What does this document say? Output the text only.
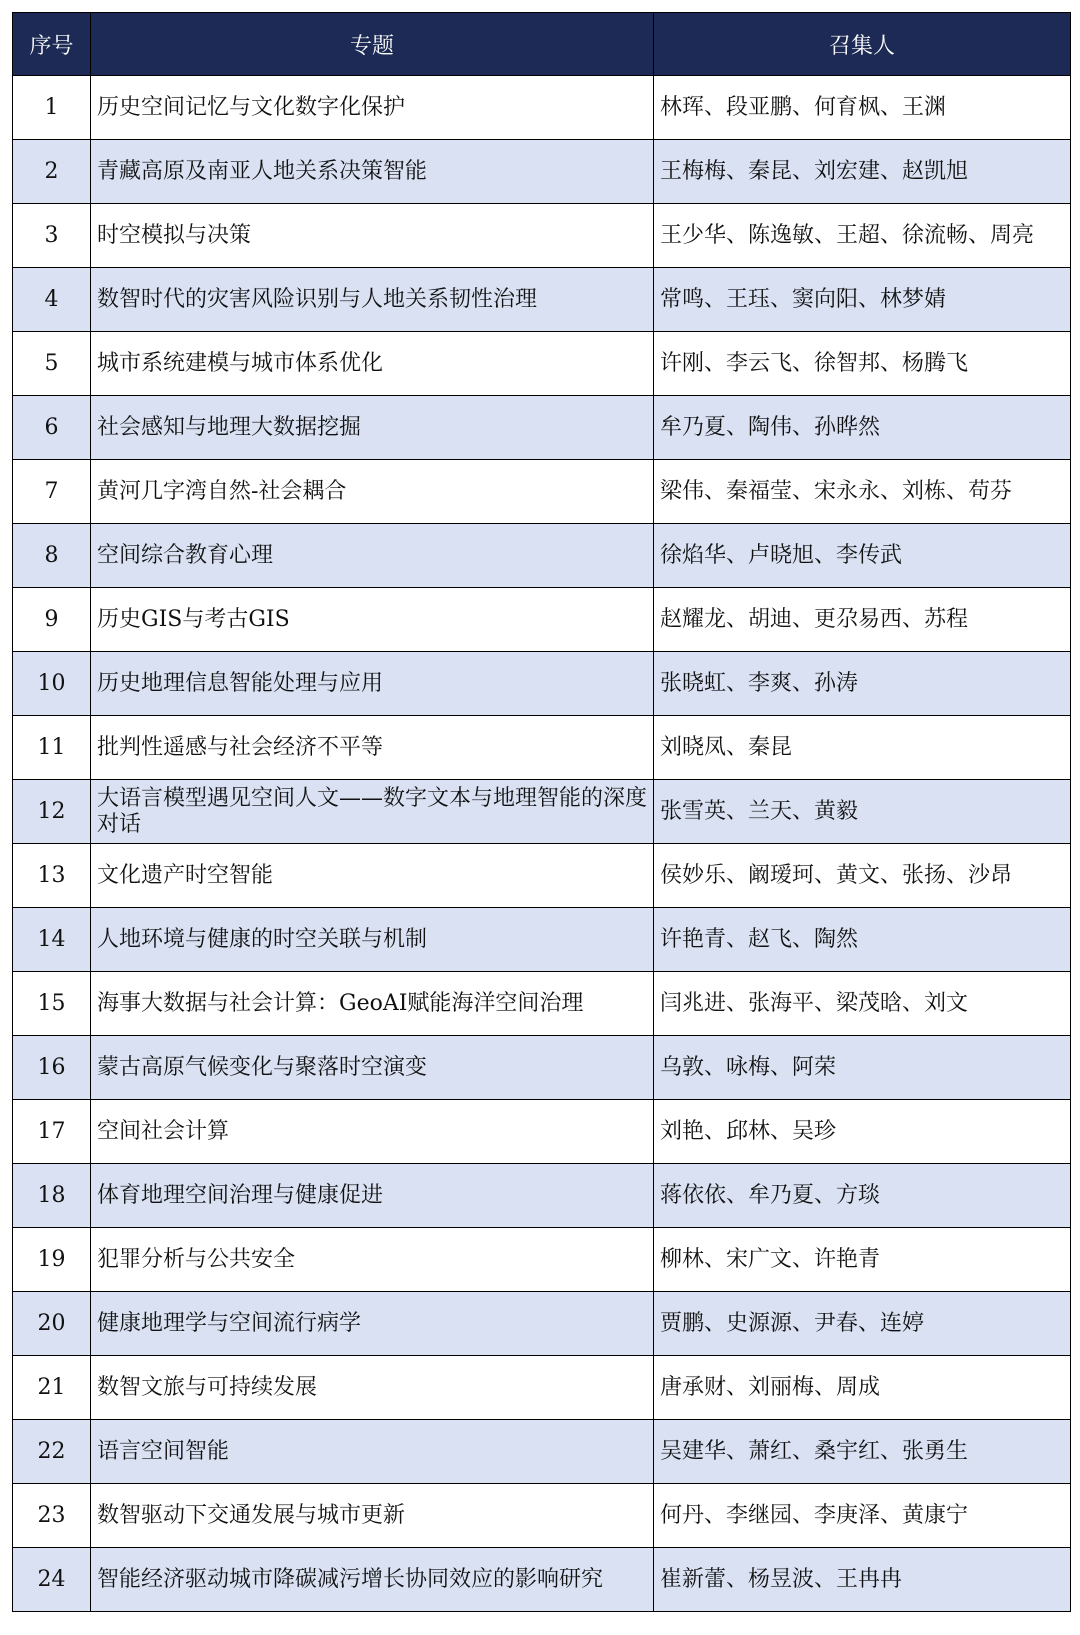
序号	专题	召集人
1	历史空间记忆与文化数字化保护	林珲、段亚鹏、何育枫、王渊
2	青藏高原及南亚人地关系决策智能	王梅梅、秦昆、刘宏建、赵凯旭
3	时空模拟与决策	王少华、陈逸敏、王超、徐流畅、周亮
4	数智时代的灾害风险识别与人地关系韧性治理	常鸣、王珏、窦向阳、林梦婧
5	城市系统建模与城市体系优化	许刚、李云飞、徐智邦、杨腾飞
6	社会感知与地理大数据挖掘	牟乃夏、陶伟、孙晔然
7	黄河几字湾自然-社会耦合	梁伟、秦福莹、宋永永、刘栋、苟芬
8	空间综合教育心理	徐焰华、卢晓旭、李传武
9	历史GIS与考古GIS	赵耀龙、胡迪、更尕易西、苏程
10	历史地理信息智能处理与应用	张晓虹、李爽、孙涛
11	批判性遥感与社会经济不平等	刘晓凤、秦昆
12	大语言模型遇见空间人文——数字文本与地理智能的深度对话	张雪英、兰天、黄毅
13	文化遗产时空智能	侯妙乐、阚瑷珂、黄文、张扬、沙昂
14	人地环境与健康的时空关联与机制	许艳青、赵飞、陶然
15	海事大数据与社会计算：GeoAI赋能海洋空间治理	闫兆进、张海平、梁茂晗、刘文
16	蒙古高原气候变化与聚落时空演变	乌敦、咏梅、阿荣
17	空间社会计算	刘艳、邱林、吴珍
18	体育地理空间治理与健康促进	蒋依依、牟乃夏、方琰
19	犯罪分析与公共安全	柳林、宋广文、许艳青
20	健康地理学与空间流行病学	贾鹏、史源源、尹春、连婷
21	数智文旅与可持续发展	唐承财、刘丽梅、周成
22	语言空间智能	吴建华、萧红、桑宇红、张勇生
23	数智驱动下交通发展与城市更新	何丹、李继园、李庚泽、黄康宁
24	智能经济驱动城市降碳减污增长协同效应的影响研究	崔新蕾、杨昱波、王冉冉
